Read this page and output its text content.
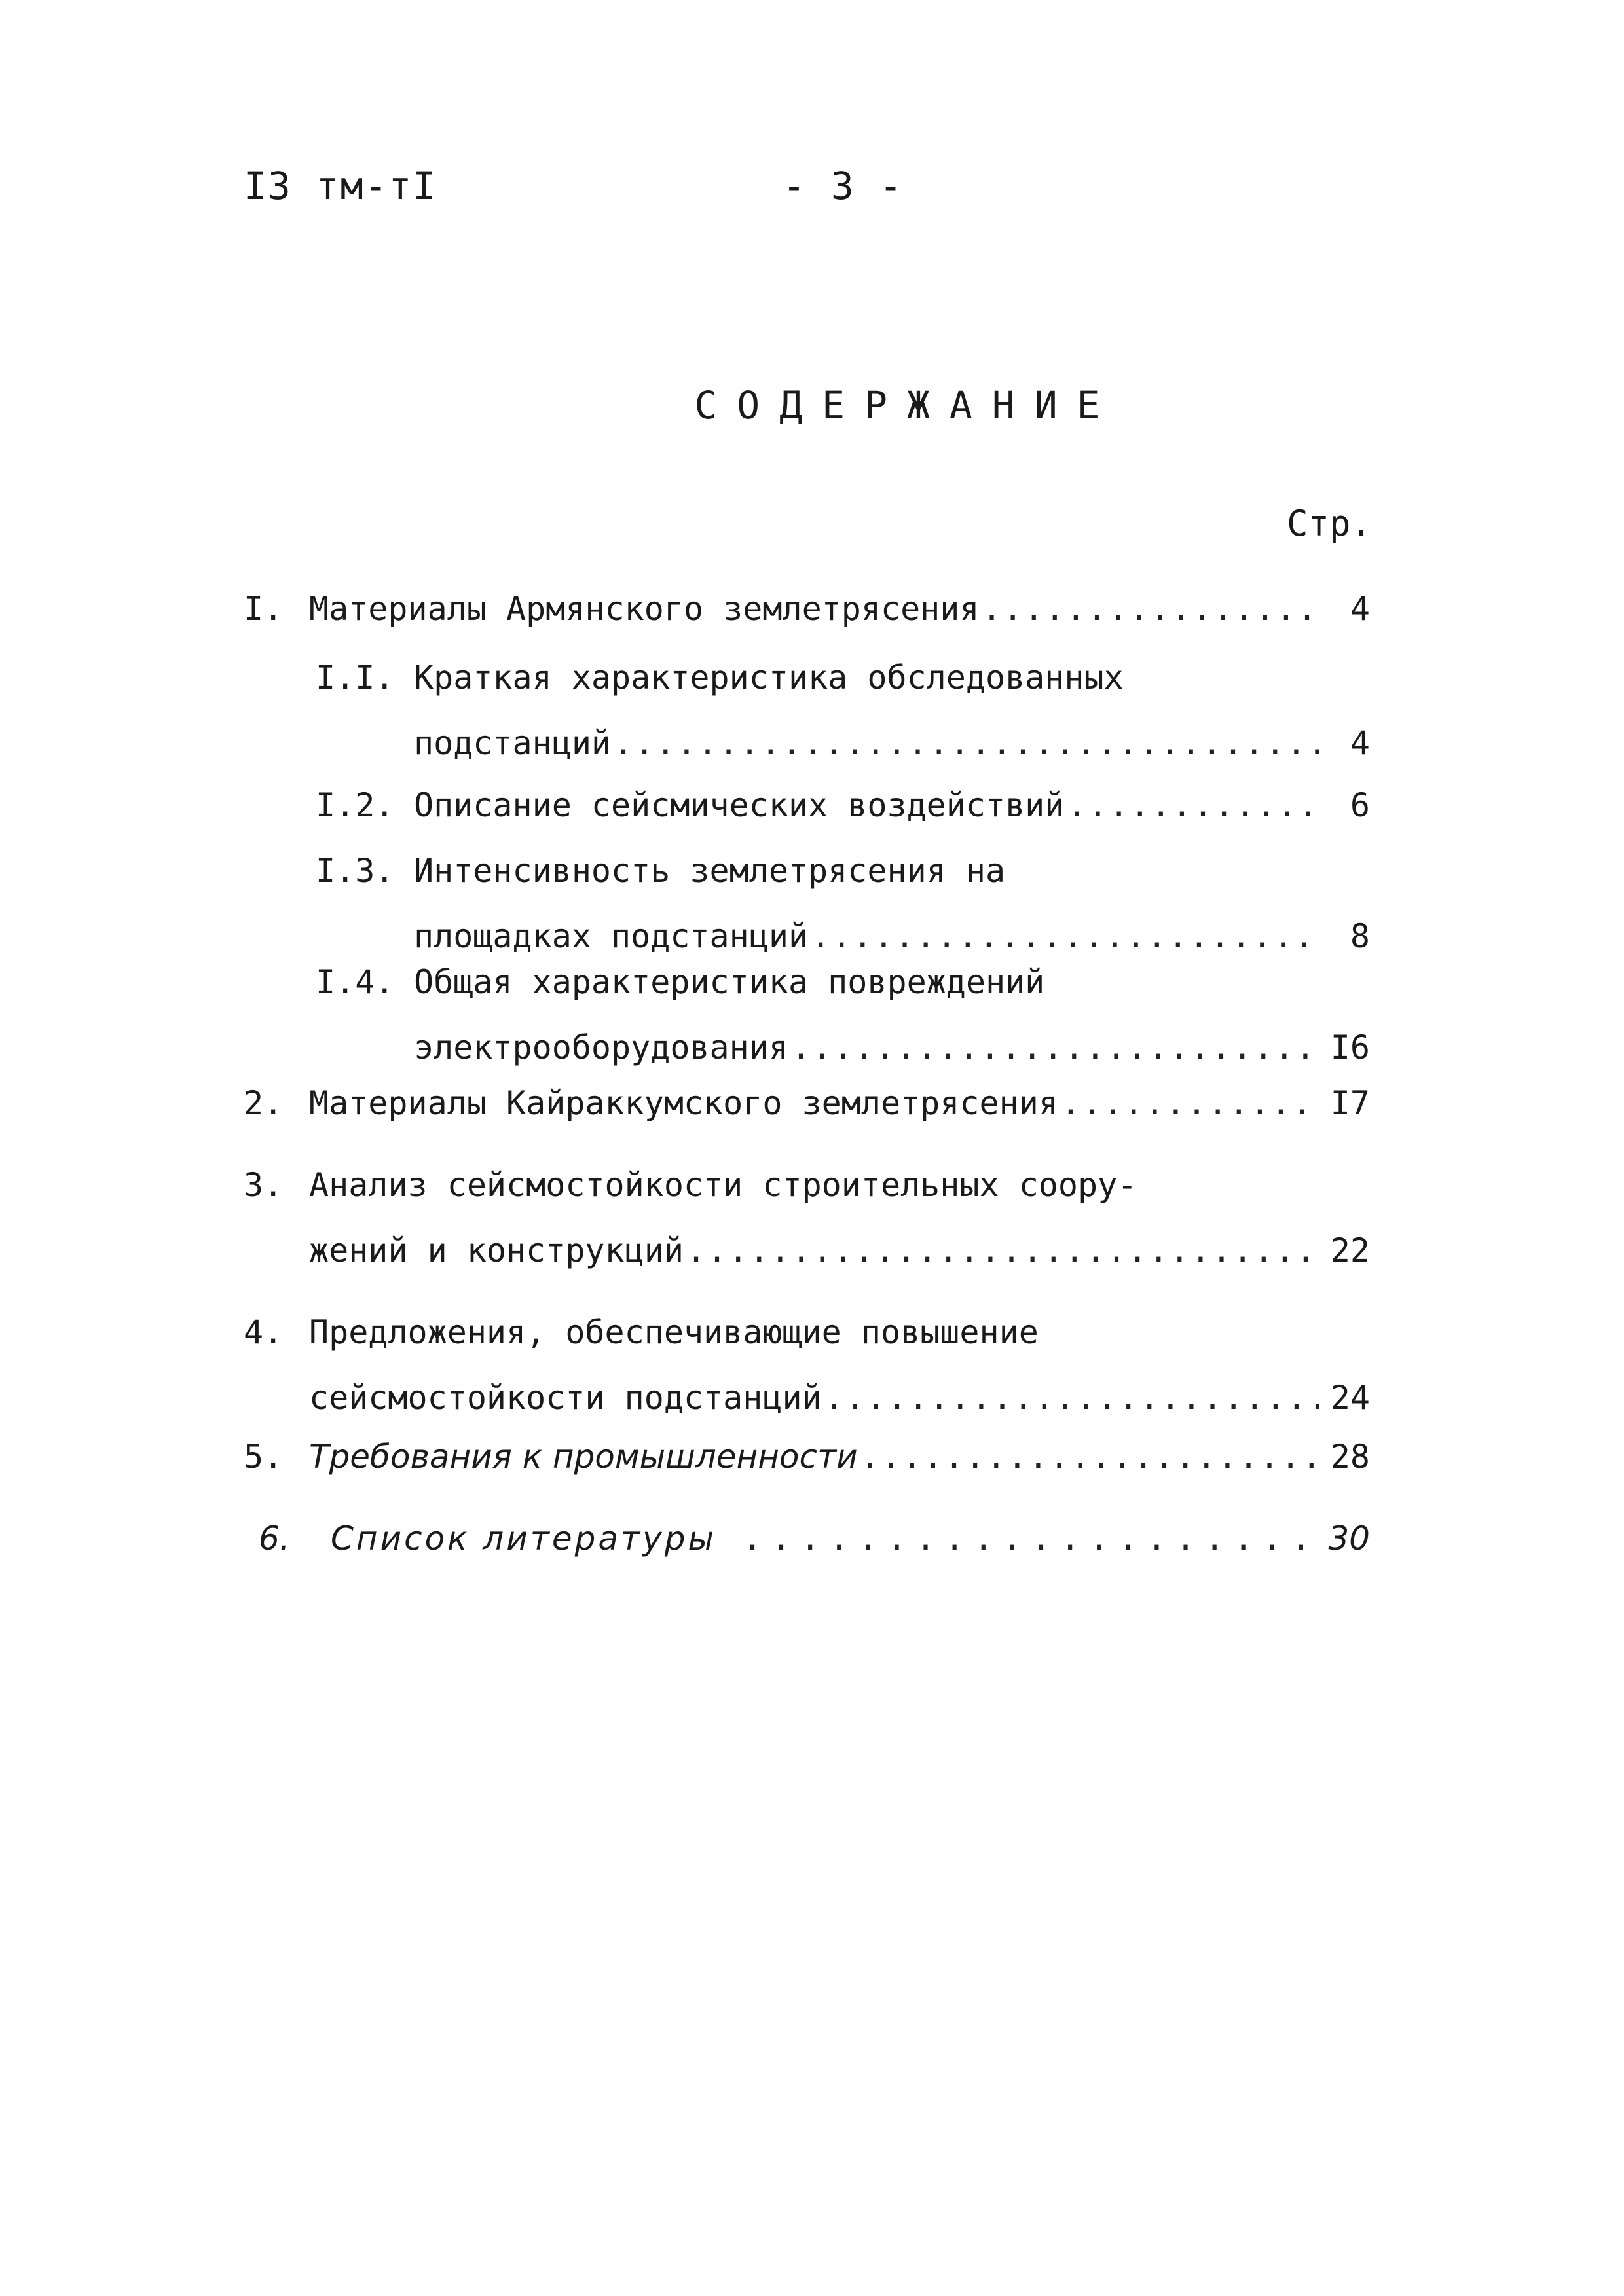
I3 тм-тI	- 3 -
СОДЕРЖАНИЕ
Стр.
I. Материалы Армянского землетрясения .....	4
I.I. Краткая характеристика обследованных
подстанций .....	4
I.2. Описание сейсмических воздействий .....	6
I.3. Интенсивность землетрясения на
площадках подстанций .....	8
I.4. Общая характеристика повреждений
электрооборудования .....	I6
2. Материалы Кайраккумского землетрясения .....	I7
3. Анализ сейсмостойкости строительных соору-
жений и конструкций .....	22
4. Предложения, обеспечивающие повышение
сейсмостойкости подстанций .....	24
5. Требования к промышленности .....	28
6.	Список литературы .....	30
